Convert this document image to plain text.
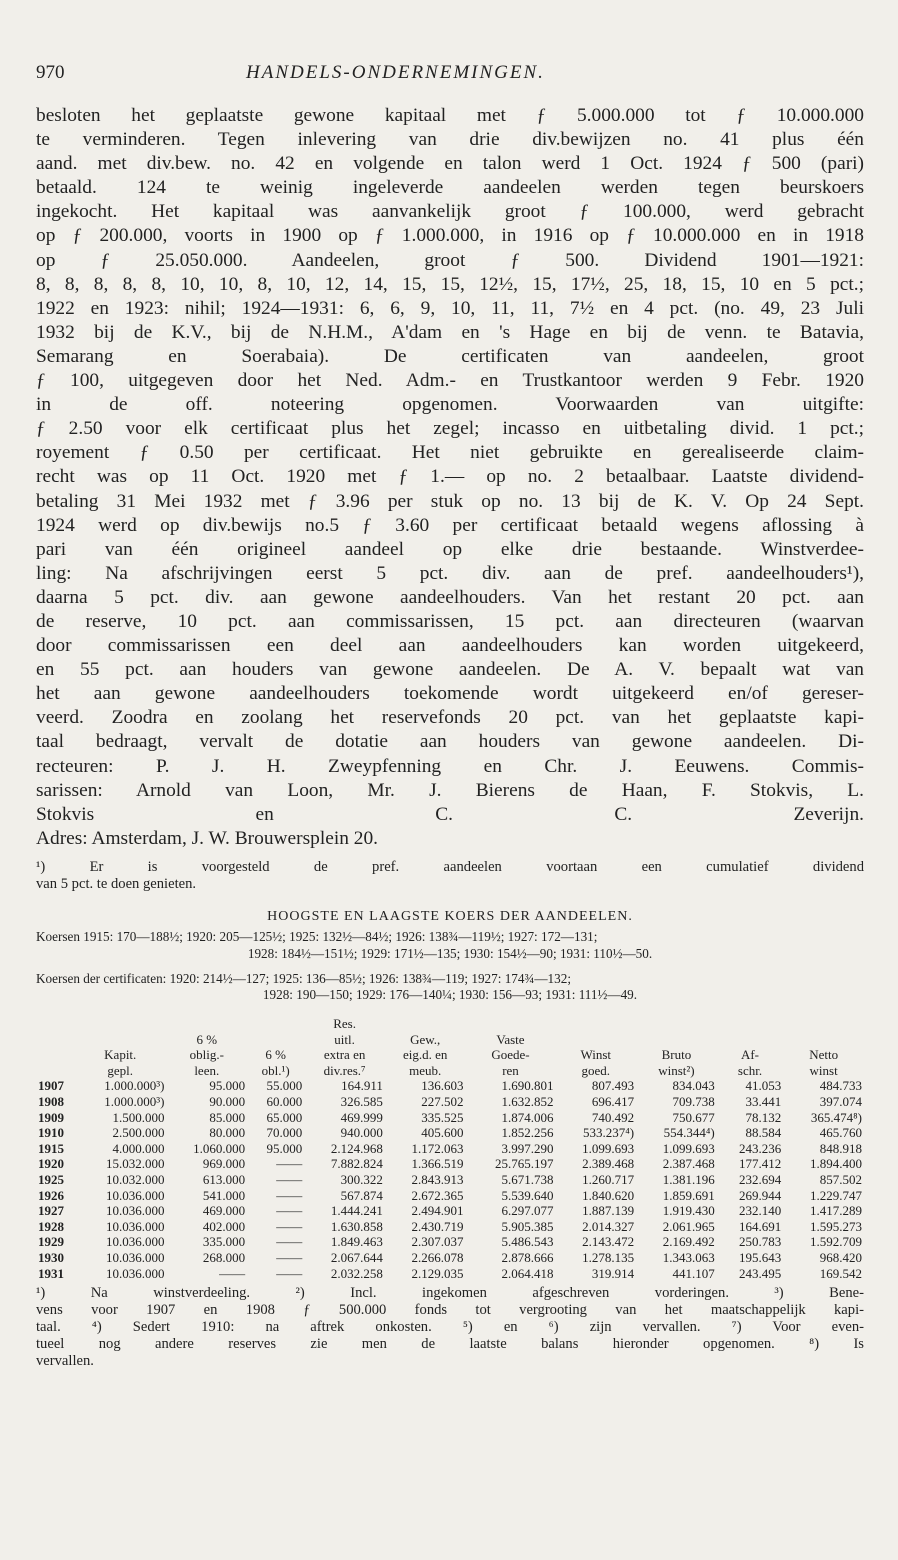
970	HANDELS-ONDERNEMINGEN.
besloten het geplaatste gewone kapitaal met ƒ 5.000.000 tot ƒ 10.000.000
te verminderen. Tegen inlevering van drie div.bewijzen no. 41 plus één
aand. met div.bew. no. 42 en volgende en talon werd 1 Oct. 1924 ƒ 500 (pari)
betaald. 124 te weinig ingeleverde aandeelen werden tegen beurskoers
ingekocht. Het kapitaal was aanvankelijk groot ƒ 100.000, werd gebracht
op ƒ 200.000, voorts in 1900 op ƒ 1.000.000, in 1916 op ƒ 10.000.000 en in 1918
op ƒ 25.050.000. Aandeelen, groot ƒ 500. Dividend 1901—1921:
8, 8, 8, 8, 8, 10, 10, 8, 10, 12, 14, 15, 15, 12½, 15, 17½, 25, 18, 15, 10 en 5 pct.;
1922 en 1923: nihil; 1924—1931: 6, 6, 9, 10, 11, 11, 7½ en 4 pct. (no. 49, 23 Juli
1932 bij de K.V., bij de N.H.M., A'dam en 's Hage en bij de venn. te Batavia,
Semarang en Soerabaia). De certificaten van aandeelen, groot
ƒ 100, uitgegeven door het Ned. Adm.- en Trustkantoor werden 9 Febr. 1920
in de off. noteering opgenomen. Voorwaarden van uitgifte:
ƒ 2.50 voor elk certificaat plus het zegel; incasso en uitbetaling divid. 1 pct.;
royement ƒ 0.50 per certificaat. Het niet gebruikte en gerealiseerde claim-
recht was op 11 Oct. 1920 met ƒ 1.— op no. 2 betaalbaar. Laatste dividend-
betaling 31 Mei 1932 met ƒ 3.96 per stuk op no. 13 bij de K. V. Op 24 Sept.
1924 werd op div.bewijs no.5 ƒ 3.60 per certificaat betaald wegens aflossing à
pari van één origineel aandeel op elke drie bestaande. Winstverdee-
ling: Na afschrijvingen eerst 5 pct. div. aan de pref. aandeelhouders¹),
daarna 5 pct. div. aan gewone aandeelhouders. Van het restant 20 pct. aan
de reserve, 10 pct. aan commissarissen, 15 pct. aan directeuren (waarvan
door commissarissen een deel aan aandeelhouders kan worden uitgekeerd,
en 55 pct. aan houders van gewone aandeelen. De A. V. bepaalt wat van
het aan gewone aandeelhouders toekomende wordt uitgekeerd en/of gereser-
veerd. Zoodra en zoolang het reservefonds 20 pct. van het geplaatste kapi-
taal bedraagt, vervalt de dotatie aan houders van gewone aandeelen. Di-
recteuren: P. J. H. Zweypfenning en Chr. J. Eeuwens. Commis-
sarissen: Arnold van Loon, Mr. J. Bierens de Haan, F. Stokvis, L.
Stokvis en C. C. Zeverijn.
Adres: Amsterdam, J. W. Brouwersplein 20.
¹) Er is voorgesteld de pref. aandeelen voortaan een cumulatief dividend
van 5 pct. te doen genieten.
HOOGSTE EN LAAGSTE KOERS DER AANDEELEN.
Koersen 1915: 170—188½; 1920: 205—125½; 1925: 132½—84½; 1926: 138¾—119½; 1927: 172—131;
1928: 184½—151½; 1929: 171½—135; 1930: 154½—90; 1931: 110½—50.
Koersen der certificaten: 1920: 214½—127; 1925: 136—85½; 1926: 138¾—119; 1927: 174¾—132;
1928: 190—150; 1929: 176—140¼; 1930: 156—93; 1931: 111½—49.
				Res.						
		6 %		uitl.	Gew.,	Vaste				
	Kapit.	oblig.-	6 %	extra en	eig.d. en	Goede-	Winst	Bruto	Af-	Netto
	gepl.	leen.	obl.¹)	div.res.⁷	meub.	ren	goed.	winst²)	schr.	winst
1907	1.000.000³)	95.000	55.000	164.911	136.603	1.690.801	807.493	834.043	41.053	484.733
1908	1.000.000³)	90.000	60.000	326.585	227.502	1.632.852	696.417	709.738	33.441	397.074
1909	1.500.000	85.000	65.000	469.999	335.525	1.874.006	740.492	750.677	78.132	365.474⁸)
1910	2.500.000	80.000	70.000	940.000	405.600	1.852.256	533.237⁴)	554.344⁴)	88.584	465.760
1915	4.000.000	1.060.000	95.000	2.124.968	1.172.063	3.997.290	1.099.693	1.099.693	243.236	848.918
1920	15.032.000	969.000	——	7.882.824	1.366.519	25.765.197	2.389.468	2.387.468	177.412	1.894.400
1925	10.032.000	613.000	——	300.322	2.843.913	5.671.738	1.260.717	1.381.196	232.694	857.502
1926	10.036.000	541.000	——	567.874	2.672.365	5.539.640	1.840.620	1.859.691	269.944	1.229.747
1927	10.036.000	469.000	——	1.444.241	2.494.901	6.297.077	1.887.139	1.919.430	232.140	1.417.289
1928	10.036.000	402.000	——	1.630.858	2.430.719	5.905.385	2.014.327	2.061.965	164.691	1.595.273
1929	10.036.000	335.000	——	1.849.463	2.307.037	5.486.543	2.143.472	2.169.492	250.783	1.592.709
1930	10.036.000	268.000	——	2.067.644	2.266.078	2.878.666	1.278.135	1.343.063	195.643	968.420
1931	10.036.000	——	——	2.032.258	2.129.035	2.064.418	319.914	441.107	243.495	169.542
¹) Na winstverdeeling. ²) Incl. ingekomen afgeschreven vorderingen. ³) Bene-
vens voor 1907 en 1908 ƒ 500.000 fonds tot vergrooting van het maatschappelijk kapi-
taal. ⁴) Sedert 1910: na aftrek onkosten. ⁵) en ⁶) zijn vervallen. ⁷) Voor even-
tueel nog andere reserves zie men de laatste balans hieronder opgenomen. ⁸) Is
vervallen.
